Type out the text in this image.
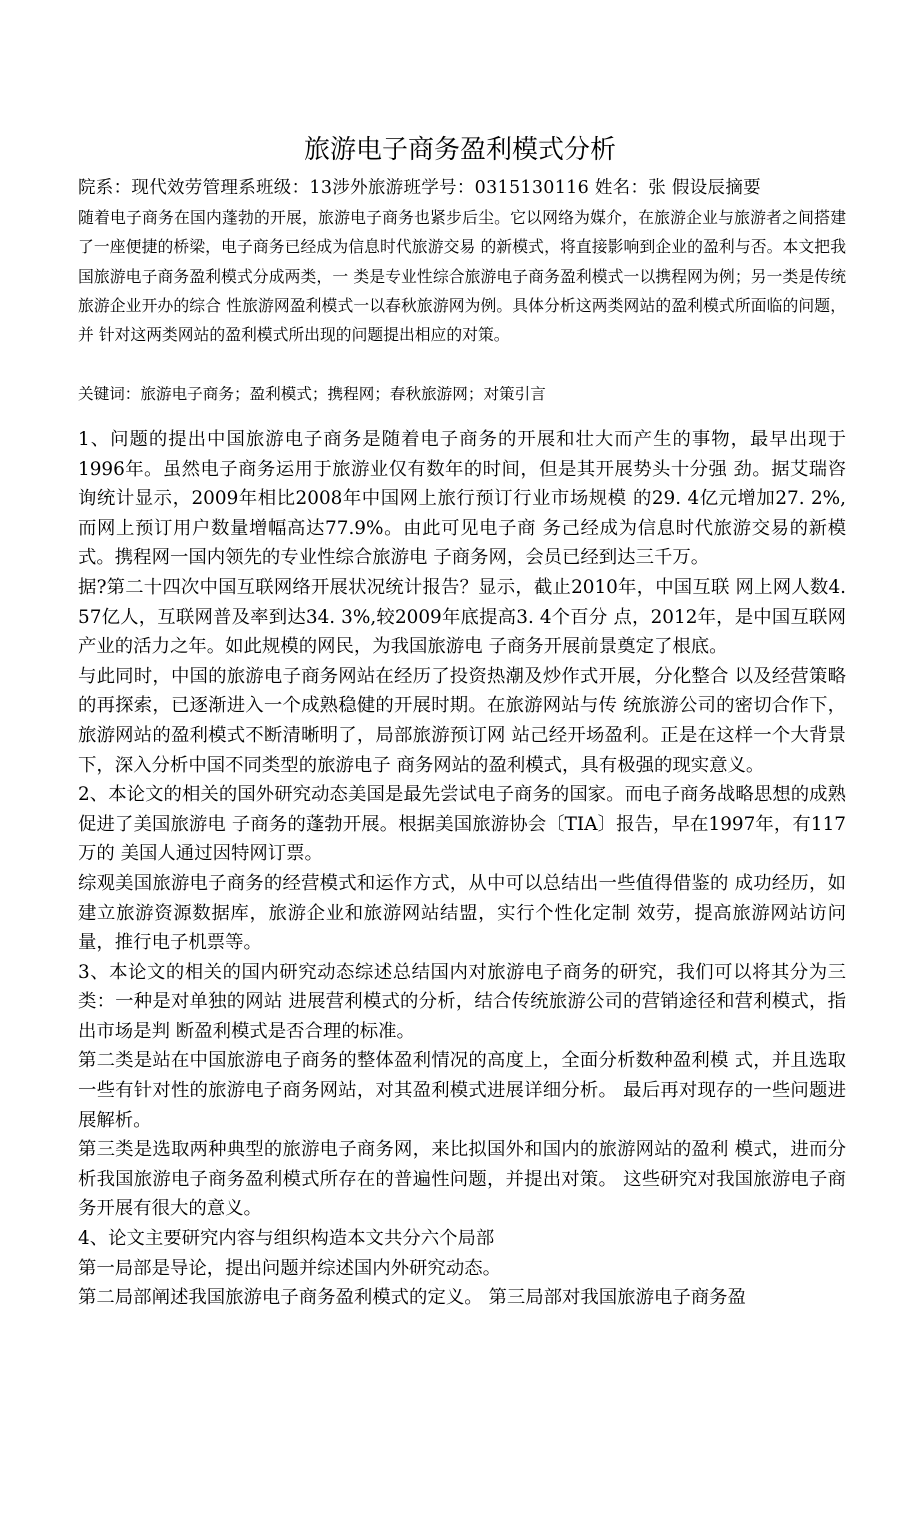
旅游电子商务盈利模式分析
院系：现代效劳管理系班级：13涉外旅游班学号：0315130116 姓名：张 假设辰摘要
随着电子商务在国内蓬勃的开展，旅游电子商务也紧步后尘。它以网络为媒介，在旅游企业与旅游者之间搭建了一座便捷的桥梁，电子商务已经成为信息时代旅游交易 的新模式，将直接影响到企业的盈利与否。本文把我国旅游电子商务盈利模式分成两类，一 类是专业性综合旅游电子商务盈利模式一以携程网为例；另一类是传统旅游企业开办的综合 性旅游网盈利模式一以春秋旅游网为例。具体分析这两类网站的盈利模式所面临的问题，并 针对这两类网站的盈利模式所出现的问题提出相应的对策。
关键词：旅游电子商务；盈利模式；携程网；春秋旅游网；对策引言

1、问题的提出中国旅游电子商务是随着电子商务的开展和壮大而产生的事物，最早出现于 1996年。虽然电子商务运用于旅游业仅有数年的时间，但是其开展势头十分强 劲。据艾瑞咨询统计显示，2009年相比2008年中国网上旅行预订行业市场规模 的29. 4亿元增加27. 2%,而网上预订用户数量增幅高达77.9%。由此可见电子商 务己经成为信息时代旅游交易的新模式。携程网一国内领先的专业性综合旅游电 子商务网，会员已经到达三千万。

据?第二十四次中国互联网络开展状况统计报告？显示，截止2010年，中国互联 网上网人数4. 57亿人，互联网普及率到达34. 3%,较2009年底提高3. 4个百分 点，2012年，是中国互联网产业的活力之年。如此规模的网民，为我国旅游电 子商务开展前景奠定了根底。

与此同时，中国的旅游电子商务网站在经历了投资热潮及炒作式开展，分化整合 以及经营策略的再探索，已逐渐进入一个成熟稳健的开展时期。在旅游网站与传 统旅游公司的密切合作下，旅游网站的盈利模式不断清晰明了，局部旅游预订网 站己经开场盈利。正是在这样一个大背景下，深入分析中国不同类型的旅游电子 商务网站的盈利模式，具有极强的现实意义。

2、本论文的相关的国外研究动态美国是最先尝试电子商务的国家。而电子商务战略思想的成熟促进了美国旅游电 子商务的蓬勃开展。根据美国旅游协会〔TIA〕报告，早在1997年，有117万的 美国人通过因特网订票。

综观美国旅游电子商务的经营模式和运作方式，从中可以总结出一些值得借鉴的 成功经历，如建立旅游资源数据库，旅游企业和旅游网站结盟，实行个性化定制 效劳，提高旅游网站访问量，推行电子机票等。

3、本论文的相关的国内研究动态综述总结国内对旅游电子商务的研究，我们可以将其分为三类：一种是对单独的网站 进展营利模式的分析，结合传统旅游公司的营销途径和营利模式，指出市场是判 断盈利模式是否合理的标准。

第二类是站在中国旅游电子商务的整体盈利情况的高度上，全面分析数种盈利模 式，并且选取一些有针对性的旅游电子商务网站，对其盈利模式进展详细分析。 最后再对现存的一些问题进展解析。

第三类是选取两种典型的旅游电子商务网，来比拟国外和国内的旅游网站的盈利 模式，进而分析我国旅游电子商务盈利模式所存在的普遍性问题，并提出对策。 这些研究对我国旅游电子商务开展有很大的意义。

4、论文主要研究内容与组织构造本文共分六个局部

第一局部是导论，提出问题并综述国内外研究动态。

第二局部阐述我国旅游电子商务盈利模式的定义。 第三局部对我国旅游电子商务盈
